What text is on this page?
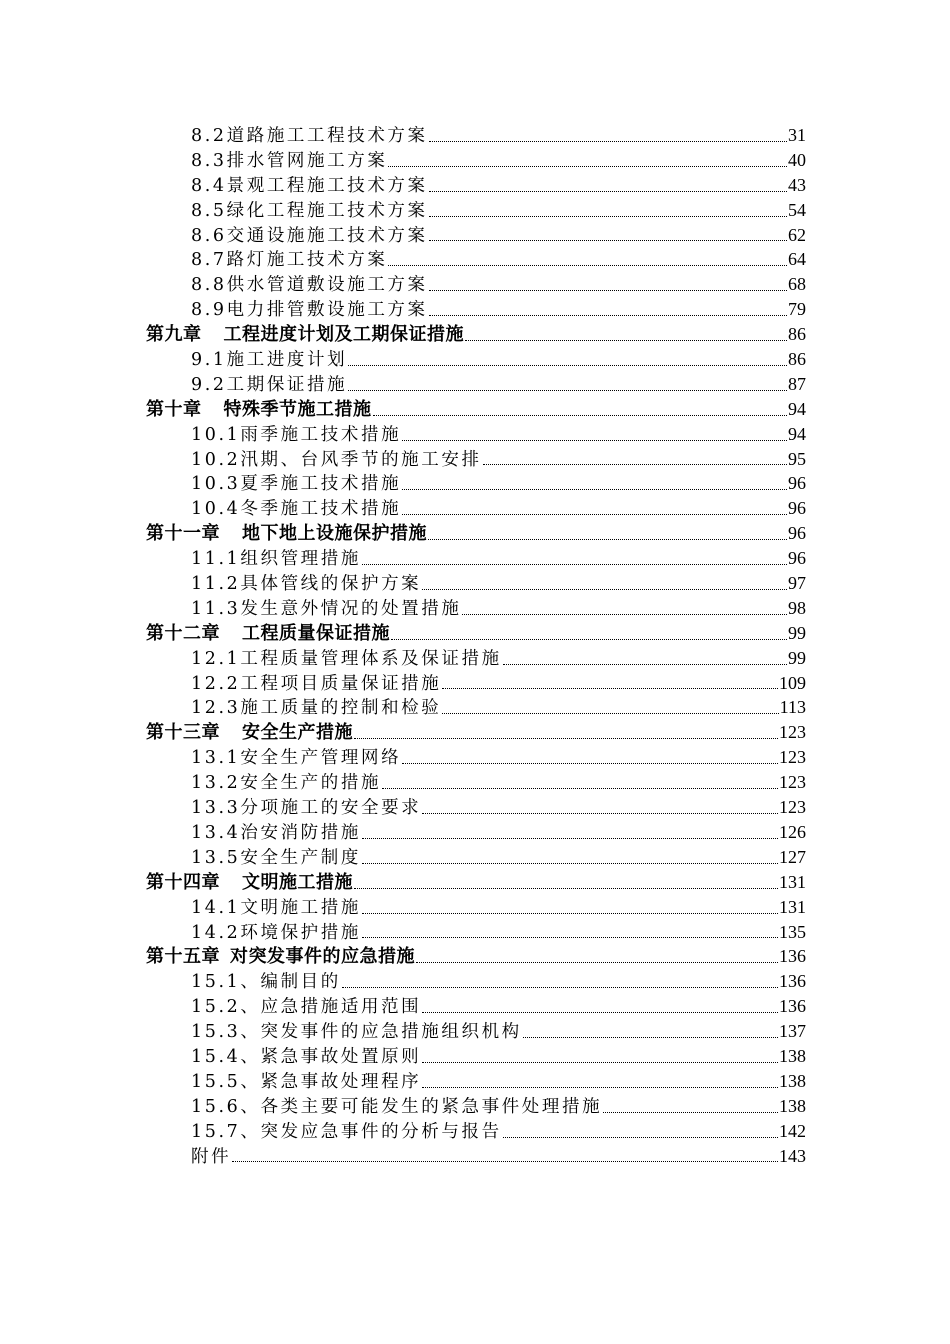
8.2道路施工工程技术方案	31
8.3排水管网施工方案	40
8.4景观工程施工技术方案	43
8.5绿化工程施工技术方案	54
8.6交通设施施工技术方案	62
8.7路灯施工技术方案	64
8.8供水管道敷设施工方案	68
8.9电力排管敷设施工方案	79
第九章 工程进度计划及工期保证措施	86
9.1施工进度计划	86
9.2工期保证措施	87
第十章 特殊季节施工措施	94
10.1雨季施工技术措施	94
10.2汛期、台风季节的施工安排	95
10.3夏季施工技术措施	96
10.4冬季施工技术措施	96
第十一章 地下地上设施保护措施	96
11.1组织管理措施	96
11.2具体管线的保护方案	97
11.3发生意外情况的处置措施	98
第十二章 工程质量保证措施	99
12.1工程质量管理体系及保证措施	99
12.2工程项目质量保证措施	109
12.3施工质量的控制和检验	113
第十三章 安全生产措施	123
13.1安全生产管理网络	123
13.2安全生产的措施	123
13.3分项施工的安全要求	123
13.4治安消防措施	126
13.5安全生产制度	127
第十四章 文明施工措施	131
14.1文明施工措施	131
14.2环境保护措施	135
第十五章 对突发事件的应急措施	136
15.1、编制目的	136
15.2、应急措施适用范围	136
15.3、突发事件的应急措施组织机构	137
15.4、紧急事故处置原则	138
15.5、紧急事故处理程序	138
15.6、各类主要可能发生的紧急事件处理措施	138
15.7、突发应急事件的分析与报告	142
附件	143
